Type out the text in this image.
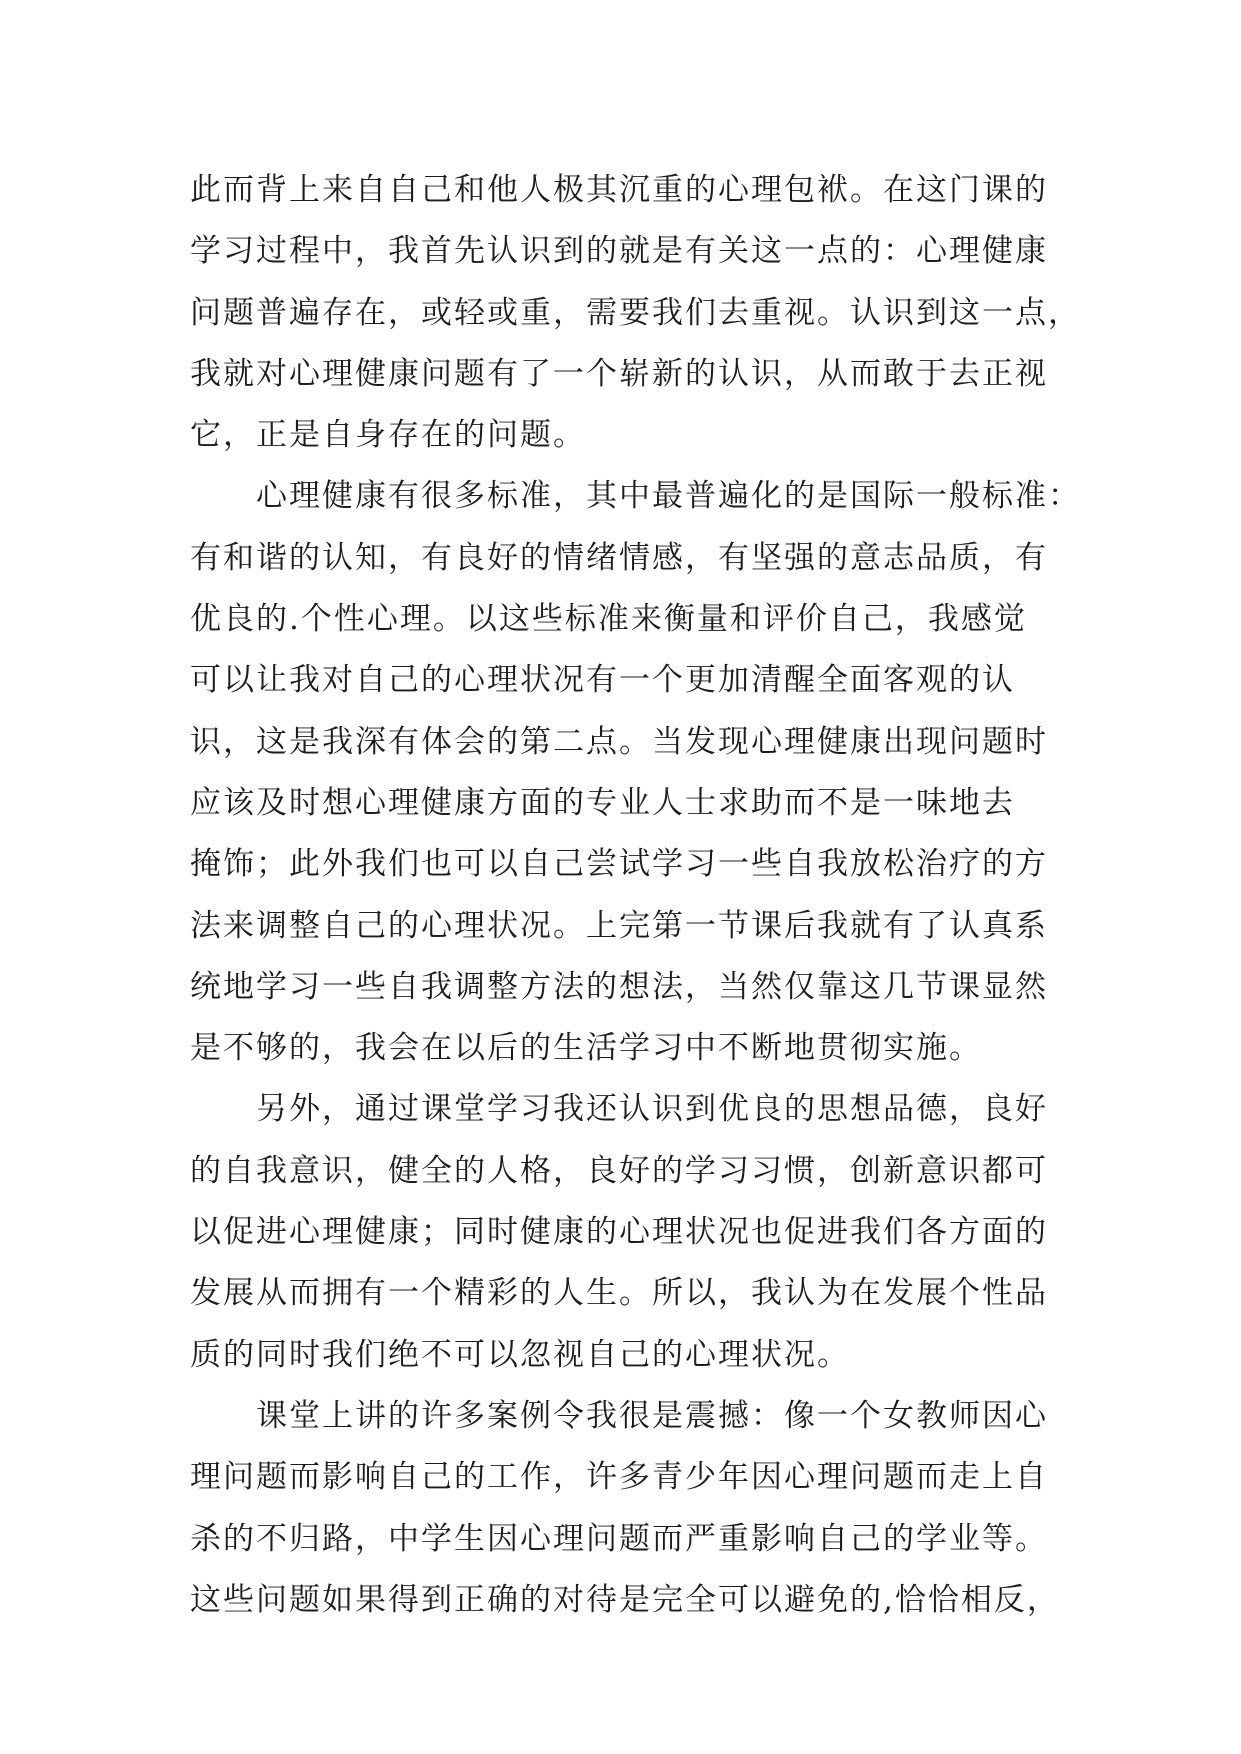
此而背上来自自己和他人极其沉重的心理包袱。在这门课的
学习过程中，我首先认识到的就是有关这一点的：心理健康
问题普遍存在，或轻或重，需要我们去重视。认识到这一点，
我就对心理健康问题有了一个崭新的认识，从而敢于去正视
它，正是自身存在的问题。
　　心理健康有很多标准，其中最普遍化的是国际一般标准：
有和谐的认知，有良好的情绪情感，有坚强的意志品质，有
优良的.个性心理。以这些标准来衡量和评价自己，我感觉
可以让我对自己的心理状况有一个更加清醒全面客观的认
识，这是我深有体会的第二点。当发现心理健康出现问题时
应该及时想心理健康方面的专业人士求助而不是一味地去
掩饰；此外我们也可以自己尝试学习一些自我放松治疗的方
法来调整自己的心理状况。上完第一节课后我就有了认真系
统地学习一些自我调整方法的想法，当然仅靠这几节课显然
是不够的，我会在以后的生活学习中不断地贯彻实施。
　　另外，通过课堂学习我还认识到优良的思想品德，良好
的自我意识，健全的人格，良好的学习习惯，创新意识都可
以促进心理健康；同时健康的心理状况也促进我们各方面的
发展从而拥有一个精彩的人生。所以，我认为在发展个性品
质的同时我们绝不可以忽视自己的心理状况。
　　课堂上讲的许多案例令我很是震撼：像一个女教师因心
理问题而影响自己的工作，许多青少年因心理问题而走上自
杀的不归路，中学生因心理问题而严重影响自己的学业等。
这些问题如果得到正确的对待是完全可以避免的,恰恰相反，
